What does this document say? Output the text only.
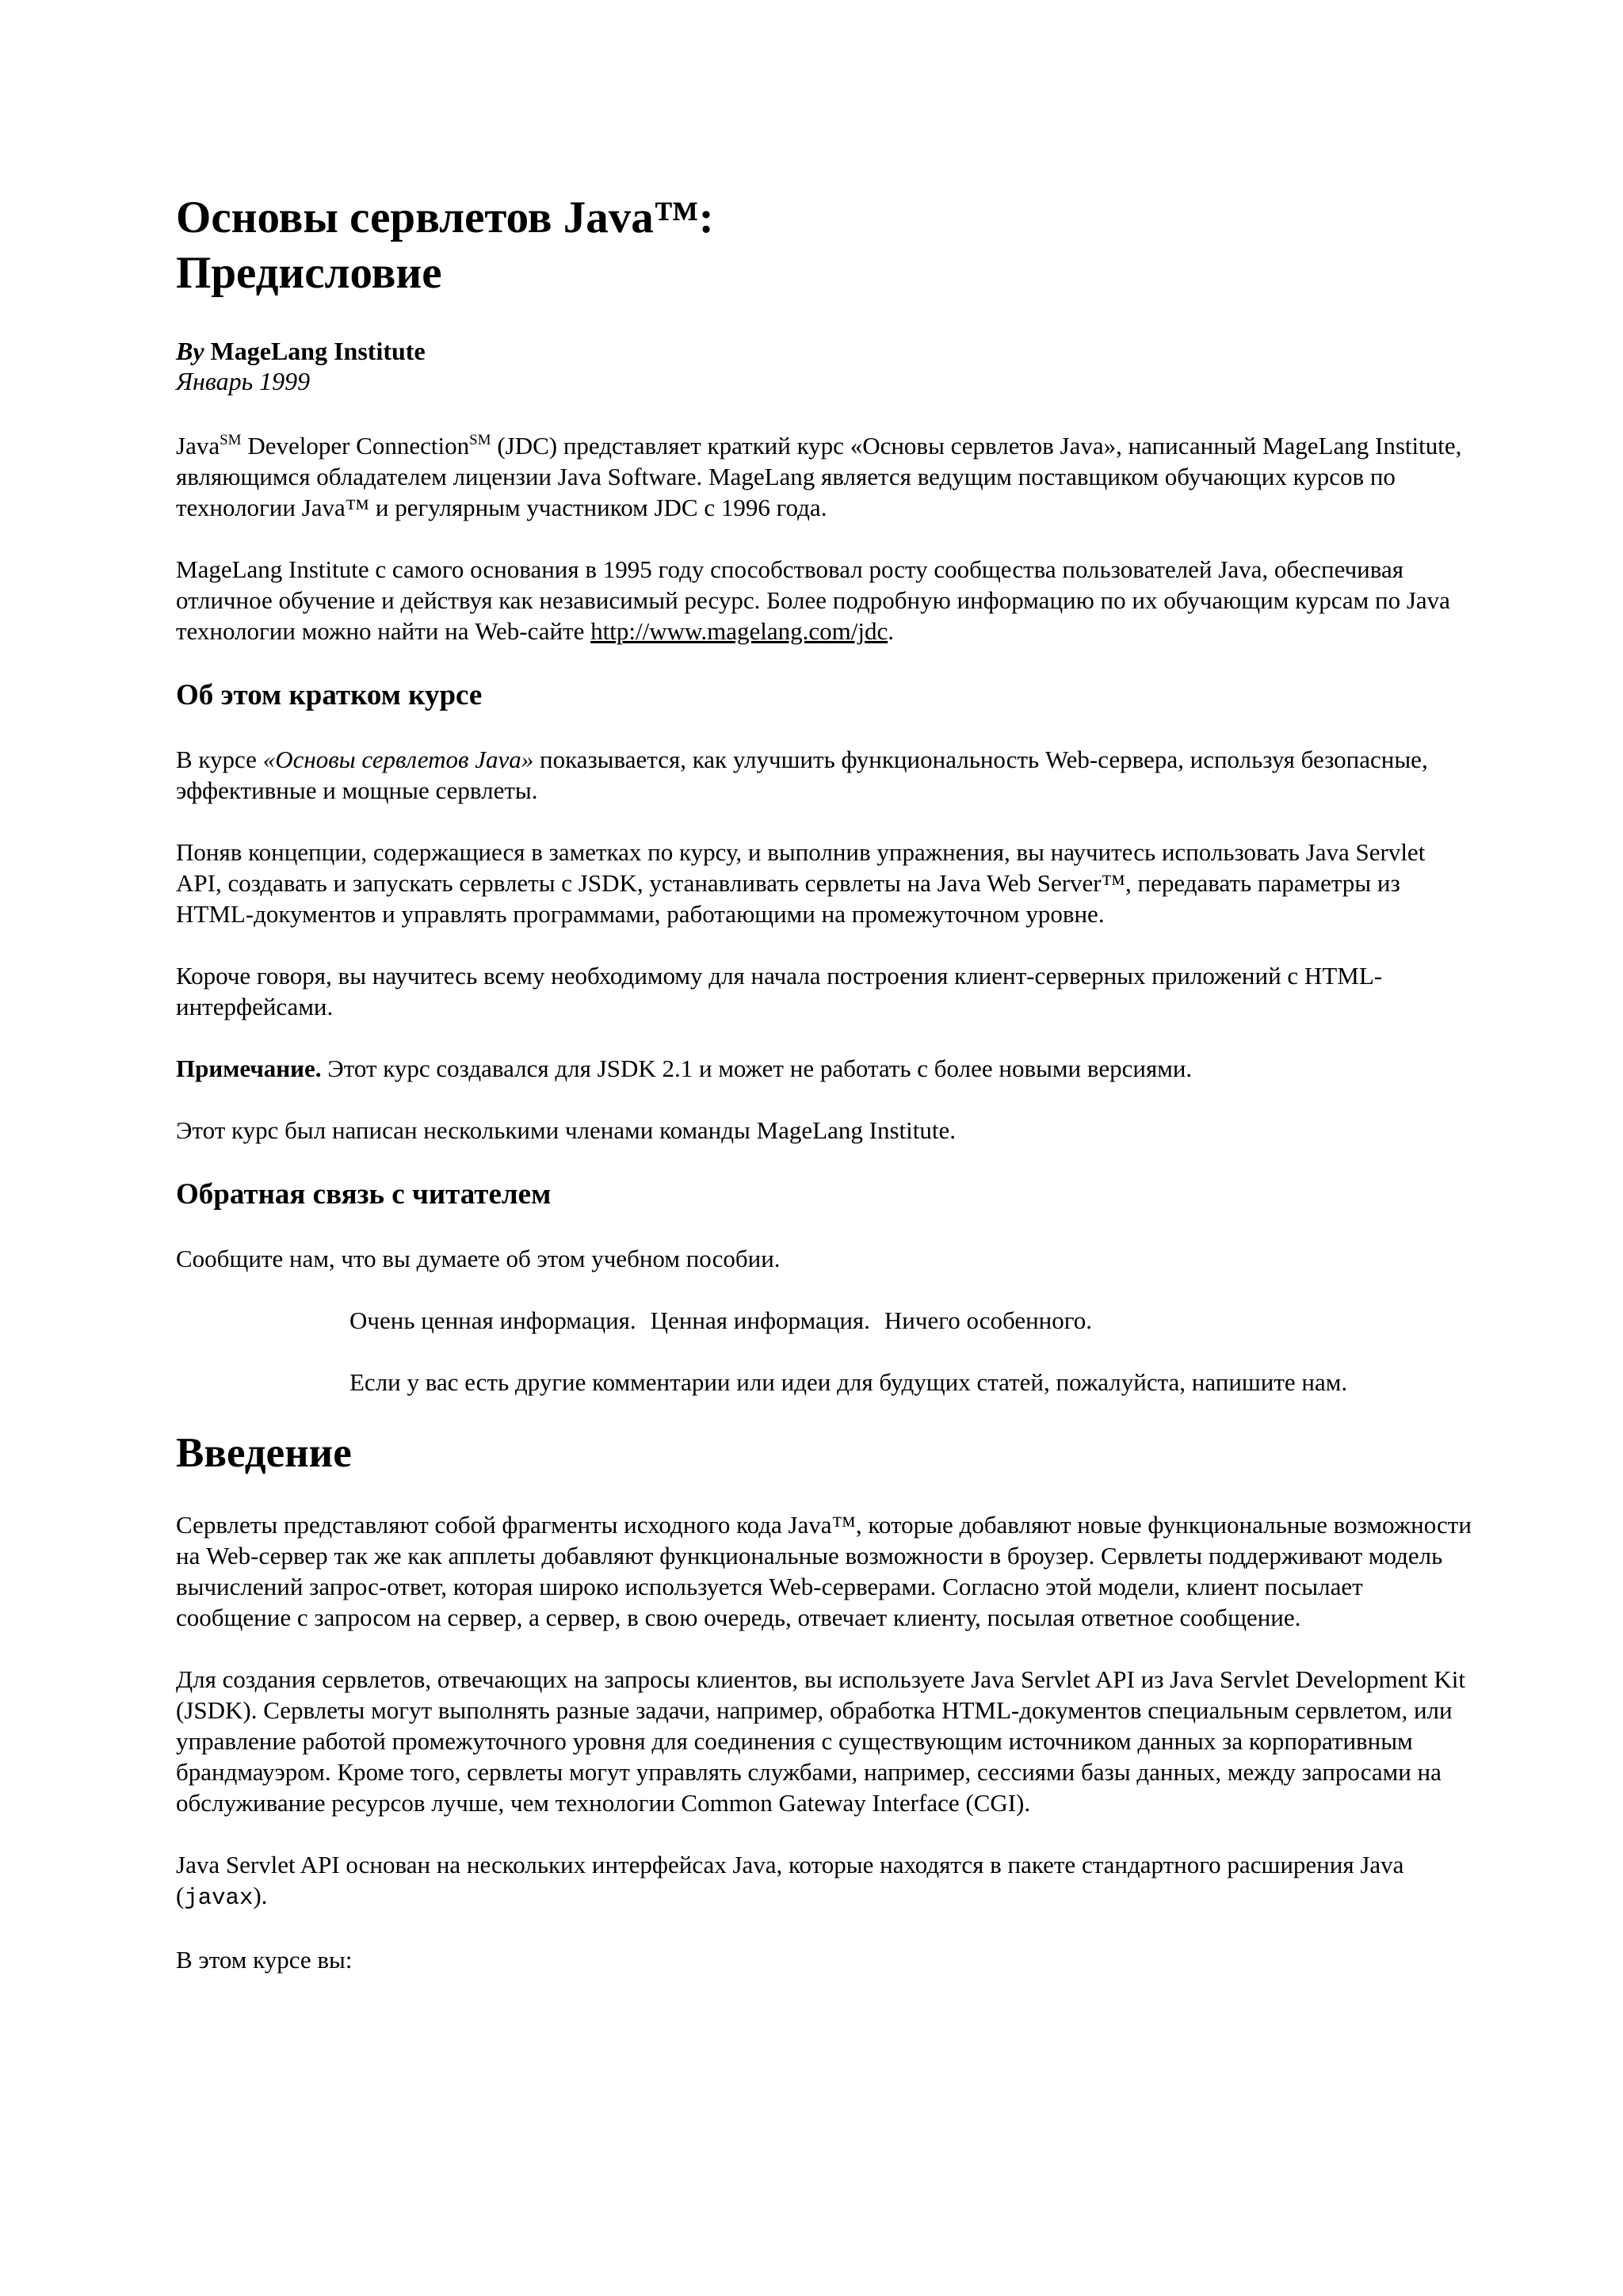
Основы сервлетов Java™:
Предисловие
By MageLang Institute
Январь 1999

Java℠ Developer Connection℠ (JDC) представляет краткий курс «Основы сервлетов Java», написанный MageLang Institute, являющимся обладателем лицензии Java Software. MageLang является ведущим поставщиком обучающих курсов по технологии Java™ и регулярным участником JDC с 1996 года.

MageLang Institute с самого основания в 1995 году способствовал росту сообщества пользователей Java, обеспечивая отличное обучение и действуя как независимый ресурс. Более подробную информацию по их обучающим курсам по Java технологии можно найти на Web-сайте http://www.magelang.com/jdc.

Об этом кратком курсе

В курсе «Основы сервлетов Java» показывается, как улучшить функциональность Web-сервера, используя безопасные, эффективные и мощные сервлеты.

Поняв концепции, содержащиеся в заметках по курсу, и выполнив упражнения, вы научитесь использовать Java Servlet API, создавать и запускать сервлеты с JSDK, устанавливать сервлеты на Java Web Server™, передавать параметры из HTML-документов и управлять программами, работающими на промежуточном уровне.

Короче говоря, вы научитесь всему необходимому для начала построения клиент-серверных приложений с HTML-интерфейсами.

Примечание. Этот курс создавался для JSDK 2.1 и может не работать с более новыми версиями.

Этот курс был написан несколькими членами команды MageLang Institute.

Обратная связь с читателем

Сообщите нам, что вы думаете об этом учебном пособии.

Очень ценная информация. Ценная информация. Ничего особенного.

Если у вас есть другие комментарии или идеи для будущих статей, пожалуйста, напишите нам.

Введение

Сервлеты представляют собой фрагменты исходного кода Java™, которые добавляют новые функциональные возможности на Web-сервер так же как апплеты добавляют функциональные возможности в броузер. Сервлеты поддерживают модель вычислений запрос-ответ, которая широко используется Web-серверами. Согласно этой модели, клиент посылает сообщение с запросом на сервер, а сервер, в свою очередь, отвечает клиенту, посылая ответное сообщение.

Для создания сервлетов, отвечающих на запросы клиентов, вы используете Java Servlet API из Java Servlet Development Kit (JSDK). Сервлеты могут выполнять разные задачи, например, обработка HTML-документов специальным сервлетом, или управление работой промежуточного уровня для соединения с существующим источником данных за корпоративным брандмауэром. Кроме того, сервлеты могут управлять службами, например, сессиями базы данных, между запросами на обслуживание ресурсов лучше, чем технологии Common Gateway Interface (CGI).

Java Servlet API основан на нескольких интерфейсах Java, которые находятся в пакете стандартного расширения Java (javax).

В этом курсе вы:
